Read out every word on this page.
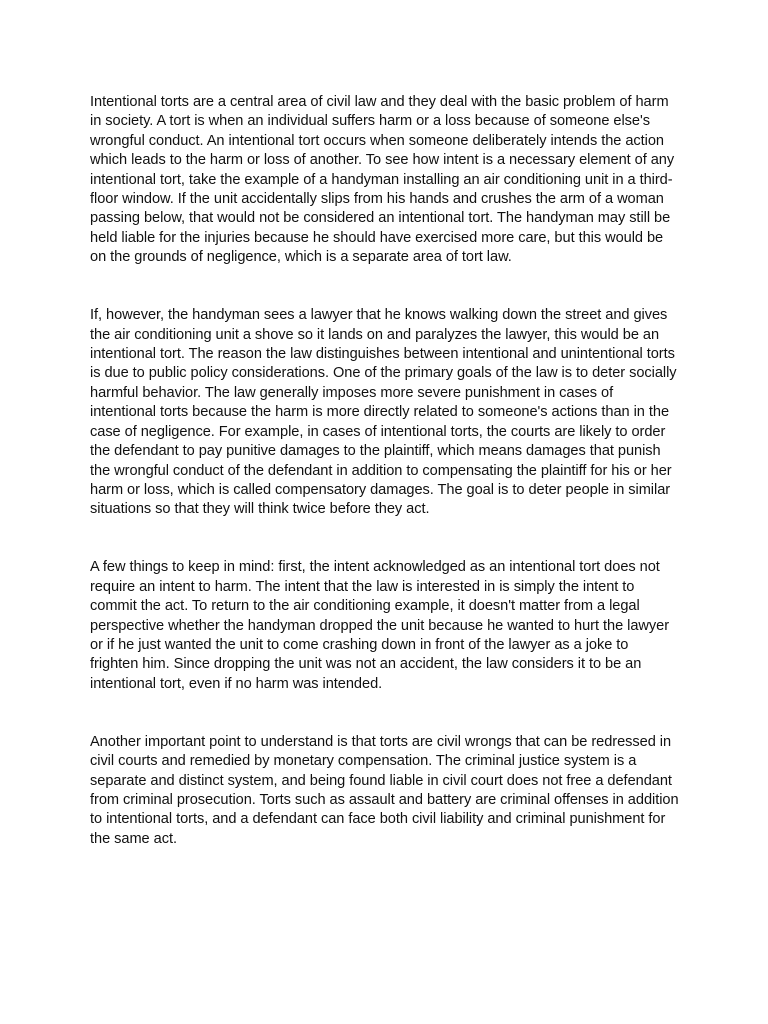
Intentional torts are a central area of civil law and they deal with the basic problem of harm in society. A tort is when an individual suffers harm or a loss because of someone else's wrongful conduct. An intentional tort occurs when someone deliberately intends the action which leads to the harm or loss of another. To see how intent is a necessary element of any intentional tort, take the example of a handyman installing an air conditioning unit in a third-floor window. If the unit accidentally slips from his hands and crushes the arm of a woman passing below, that would not be considered an intentional tort. The handyman may still be held liable for the injuries because he should have exercised more care, but this would be on the grounds of negligence, which is a separate area of tort law.

If, however, the handyman sees a lawyer that he knows walking down the street and gives the air conditioning unit a shove so it lands on and paralyzes the lawyer, this would be an intentional tort. The reason the law distinguishes between intentional and unintentional torts is due to public policy considerations. One of the primary goals of the law is to deter socially harmful behavior. The law generally imposes more severe punishment in cases of intentional torts because the harm is more directly related to someone's actions than in the case of negligence. For example, in cases of intentional torts, the courts are likely to order the defendant to pay punitive damages to the plaintiff, which means damages that punish the wrongful conduct of the defendant in addition to compensating the plaintiff for his or her harm or loss, which is called compensatory damages. The goal is to deter people in similar situations so that they will think twice before they act.

A few things to keep in mind: first, the intent acknowledged as an intentional tort does not require an intent to harm. The intent that the law is interested in is simply the intent to commit the act. To return to the air conditioning example, it doesn't matter from a legal perspective whether the handyman dropped the unit because he wanted to hurt the lawyer or if he just wanted the unit to come crashing down in front of the lawyer as a joke to frighten him. Since dropping the unit was not an accident, the law considers it to be an intentional tort, even if no harm was intended.

Another important point to understand is that torts are civil wrongs that can be redressed in civil courts and remedied by monetary compensation. The criminal justice system is a separate and distinct system, and being found liable in civil court does not free a defendant from criminal prosecution. Torts such as assault and battery are criminal offenses in addition to intentional torts, and a defendant can face both civil liability and criminal punishment for the same act.
